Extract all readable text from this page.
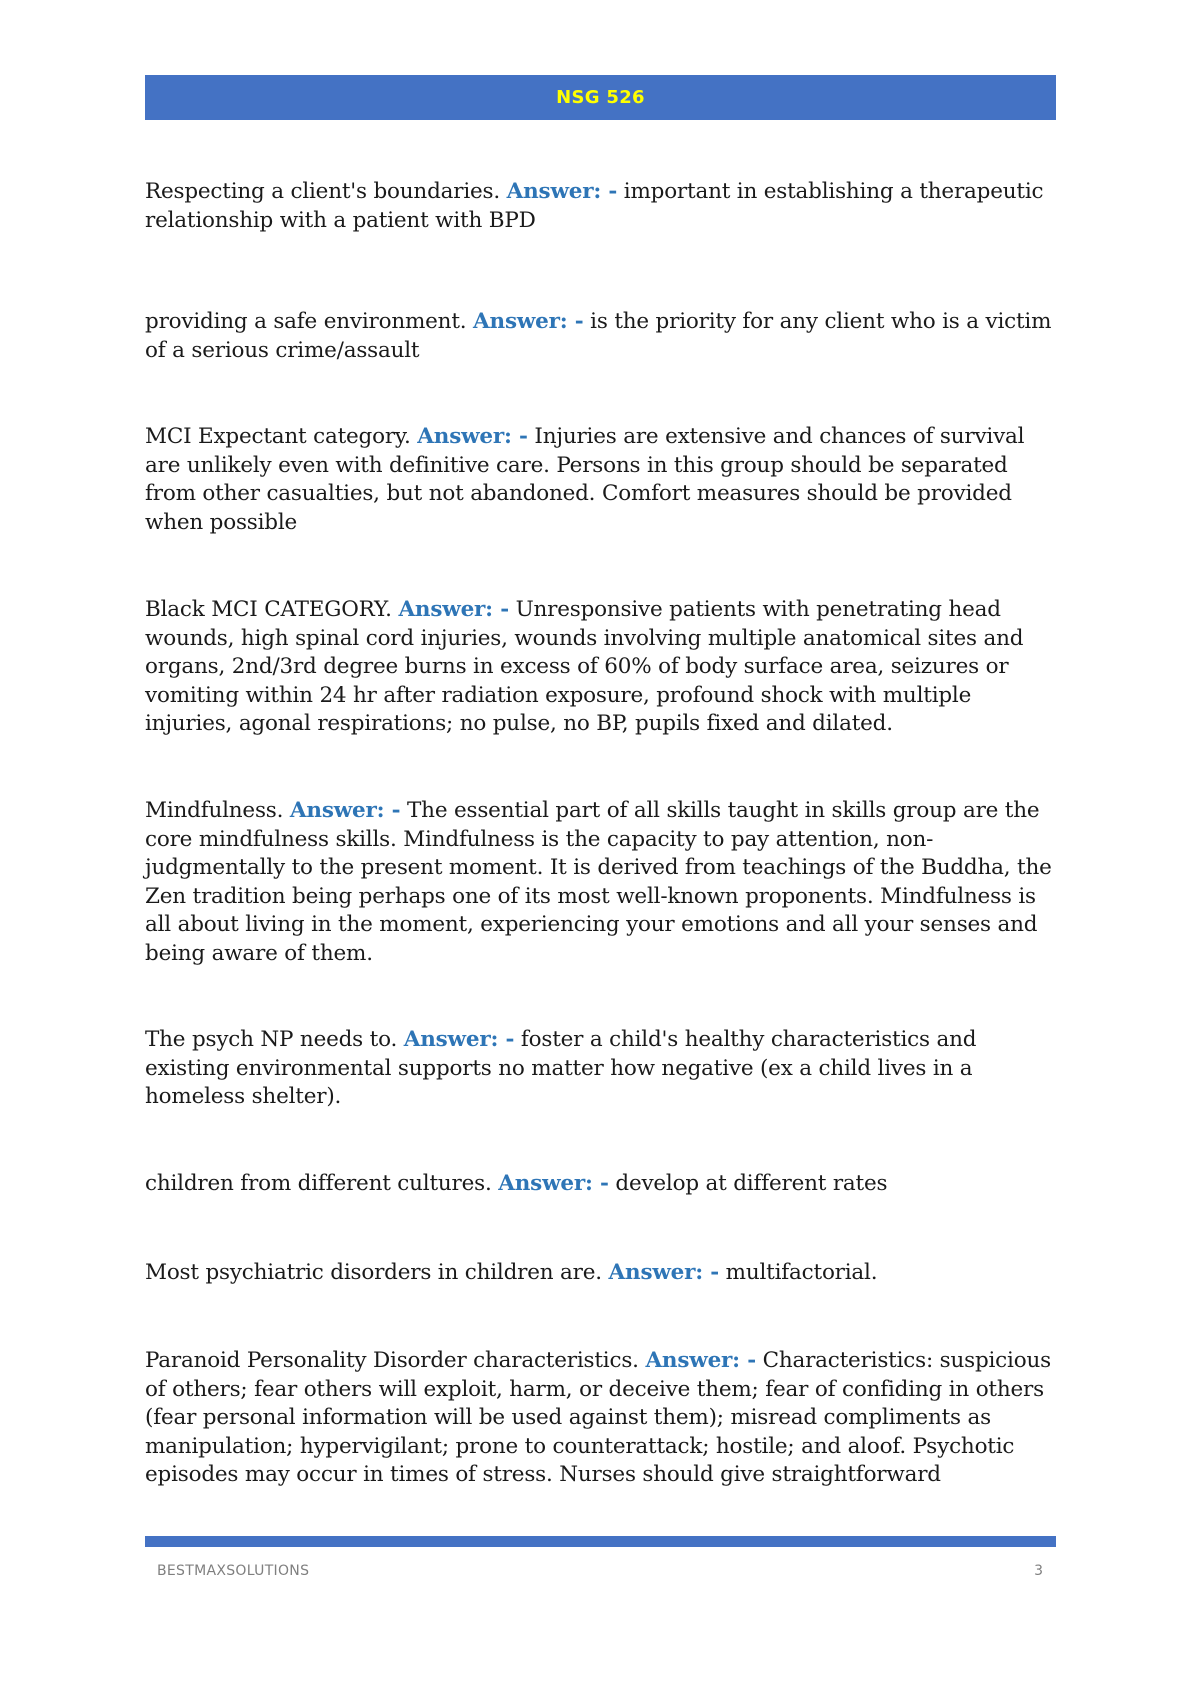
NSG 526

Respecting a client's boundaries. Answer: - important in establishing a therapeutic relationship with a patient with BPD

providing a safe environment. Answer: - is the priority for any client who is a victim of a serious crime/assault

MCI Expectant category. Answer: - Injuries are extensive and chances of survival are unlikely even with definitive care. Persons in this group should be separated from other casualties, but not abandoned. Comfort measures should be provided when possible

Black MCI CATEGORY. Answer: - Unresponsive patients with penetrating head wounds, high spinal cord injuries, wounds involving multiple anatomical sites and organs, 2nd/3rd degree burns in excess of 60% of body surface area, seizures or vomiting within 24 hr after radiation exposure, profound shock with multiple injuries, agonal respirations; no pulse, no BP, pupils fixed and dilated.

Mindfulness. Answer: - The essential part of all skills taught in skills group are the core mindfulness skills. Mindfulness is the capacity to pay attention, non-judgmentally to the present moment. It is derived from teachings of the Buddha, the Zen tradition being perhaps one of its most well-known proponents. Mindfulness is all about living in the moment, experiencing your emotions and all your senses and being aware of them.

The psych NP needs to. Answer: - foster a child's healthy characteristics and existing environmental supports no matter how negative (ex a child lives in a homeless shelter).

children from different cultures. Answer: - develop at different rates

Most psychiatric disorders in children are. Answer: - multifactorial.

Paranoid Personality Disorder characteristics. Answer: - Characteristics: suspicious of others; fear others will exploit, harm, or deceive them; fear of confiding in others (fear personal information will be used against them); misread compliments as manipulation; hypervigilant; prone to counterattack; hostile; and aloof. Psychotic episodes may occur in times of stress. Nurses should give straightforward

BESTMAXSOLUTIONS	3
